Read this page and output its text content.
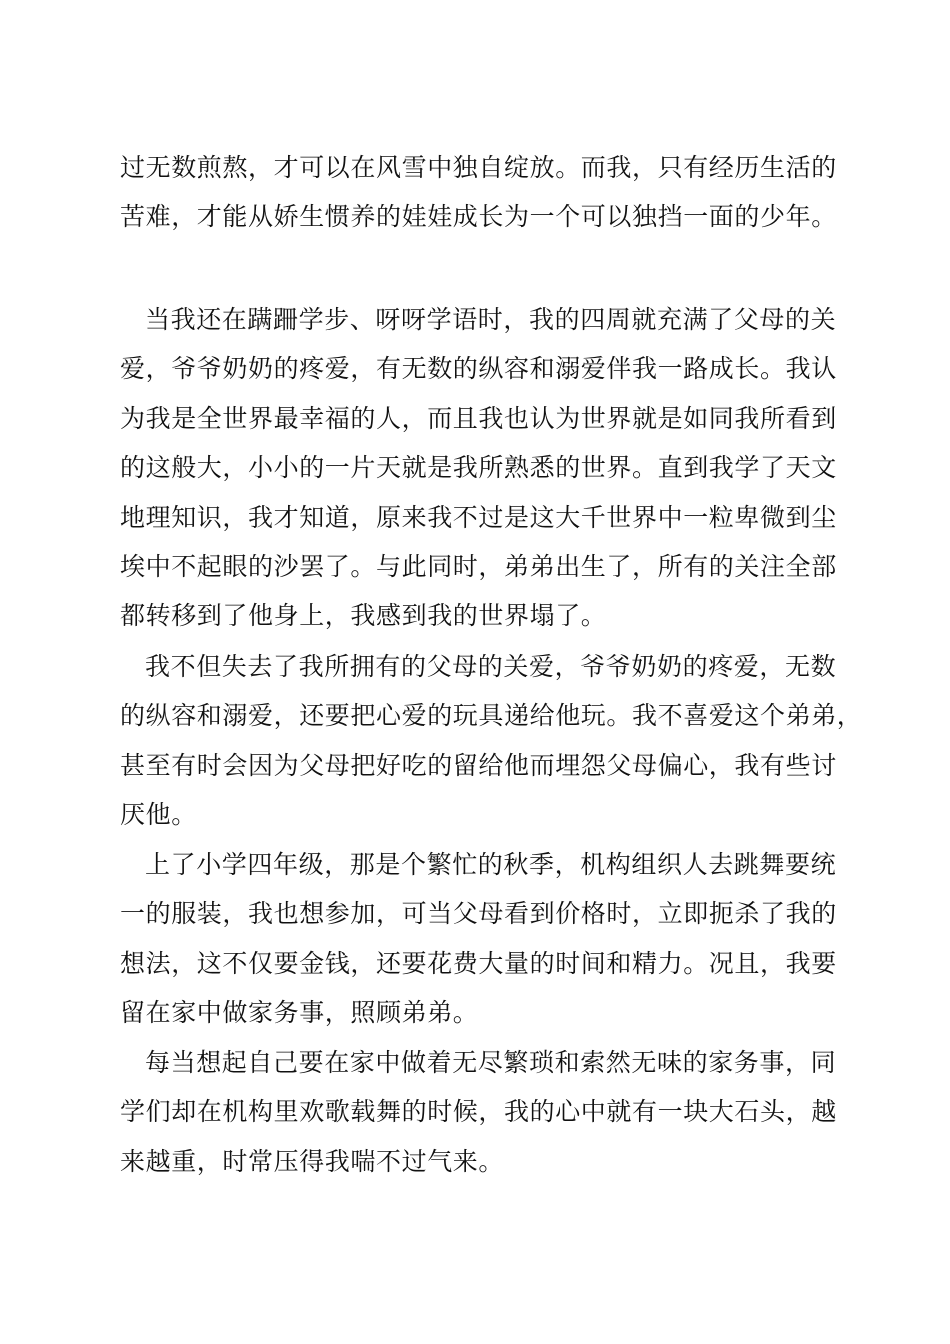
过无数煎熬，才可以在风雪中独自绽放。而我，只有经历生活的
苦难，才能从娇生惯养的娃娃成长为一个可以独挡一面的少年。
当我还在蹒跚学步、呀呀学语时，我的四周就充满了父母的关
爱，爷爷奶奶的疼爱，有无数的纵容和溺爱伴我一路成长。我认
为我是全世界最幸福的人，而且我也认为世界就是如同我所看到
的这般大，小小的一片天就是我所熟悉的世界。直到我学了天文
地理知识，我才知道，原来我不过是这大千世界中一粒卑微到尘
埃中不起眼的沙罢了。与此同时，弟弟出生了，所有的关注全部
都转移到了他身上，我感到我的世界塌了。
我不但失去了我所拥有的父母的关爱，爷爷奶奶的疼爱，无数
的纵容和溺爱，还要把心爱的玩具递给他玩。我不喜爱这个弟弟，
甚至有时会因为父母把好吃的留给他而埋怨父母偏心，我有些讨
厌他。
上了小学四年级，那是个繁忙的秋季，机构组织人去跳舞要统
一的服装，我也想参加，可当父母看到价格时，立即扼杀了我的
想法，这不仅要金钱，还要花费大量的时间和精力。况且，我要
留在家中做家务事，照顾弟弟。
每当想起自己要在家中做着无尽繁琐和索然无味的家务事，同
学们却在机构里欢歌载舞的时候，我的心中就有一块大石头，越
来越重，时常压得我喘不过气来。
